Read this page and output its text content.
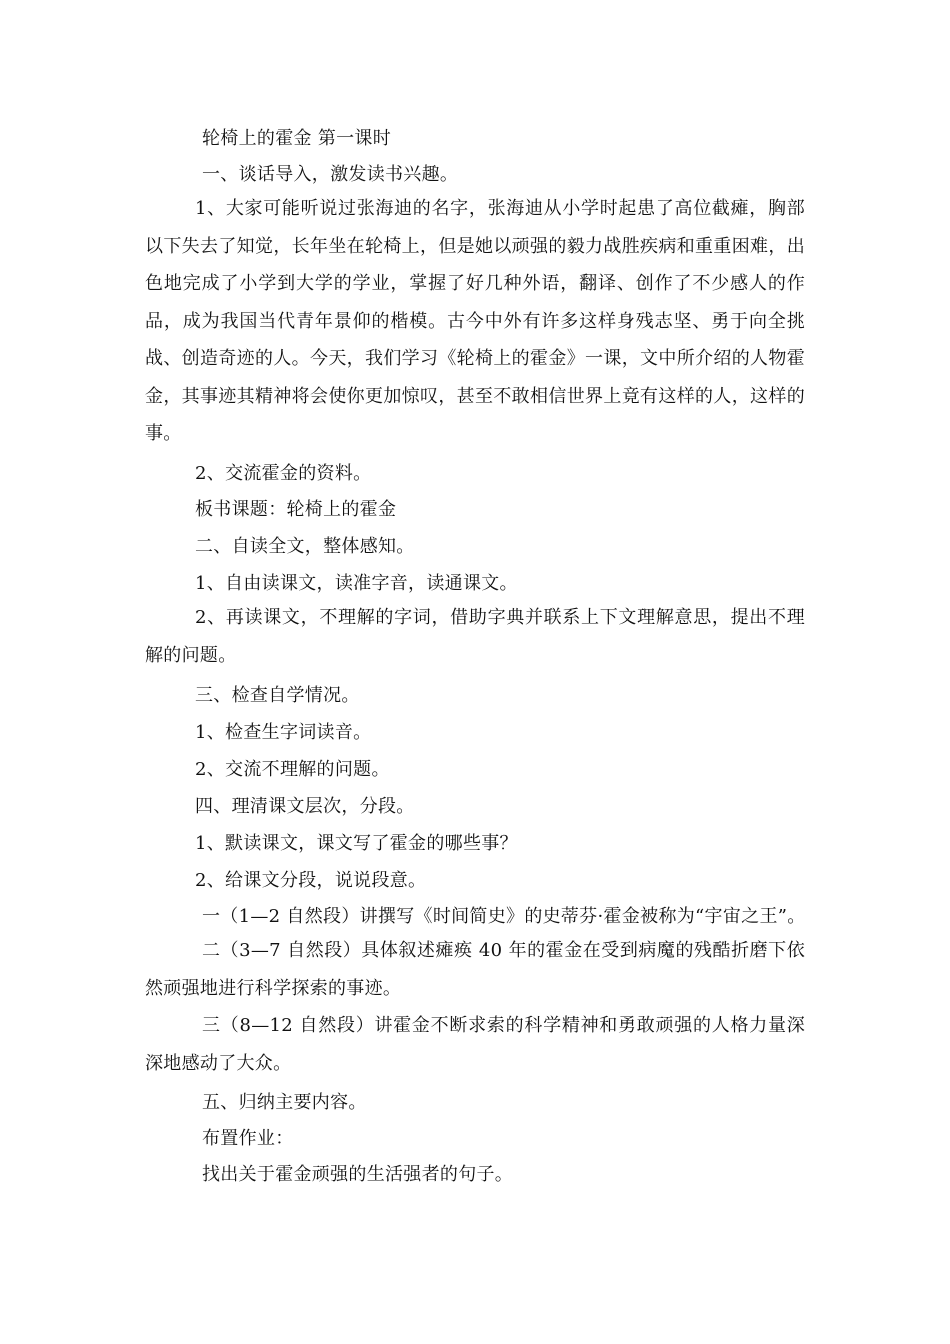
轮椅上的霍金 第一课时
一、谈话导入，激发读书兴趣。
1、大家可能听说过张海迪的名字，张海迪从小学时起患了高位截瘫，胸部以下失去了知觉，长年坐在轮椅上，但是她以顽强的毅力战胜疾病和重重困难，出色地完成了小学到大学的学业，掌握了好几种外语，翻译、创作了不少感人的作品，成为我国当代青年景仰的楷模。古今中外有许多这样身残志坚、勇于向全挑战、创造奇迹的人。今天，我们学习《轮椅上的霍金》一课，文中所介绍的人物霍金，其事迹其精神将会使你更加惊叹，甚至不敢相信世界上竟有这样的人，这样的事。
2、交流霍金的资料。
板书课题：轮椅上的霍金
二、自读全文，整体感知。
1、自由读课文，读准字音，读通课文。
2、再读课文，不理解的字词，借助字典并联系上下文理解意思，提出不理解的问题。
三、检查自学情况。
1、检查生字词读音。
2、交流不理解的问题。
四、理清课文层次，分段。
1、默读课文，课文写了霍金的哪些事？
2、给课文分段，说说段意。
一（1—2 自然段）讲撰写《时间简史》的史蒂芬·霍金被称为“宇宙之王”。
二（3—7 自然段）具体叙述瘫痪 40 年的霍金在受到病魔的残酷折磨下依然顽强地进行科学探索的事迹。
三（8—12 自然段）讲霍金不断求索的科学精神和勇敢顽强的人格力量深深地感动了大众。
五、归纳主要内容。
布置作业：
找出关于霍金顽强的生活强者的句子。
